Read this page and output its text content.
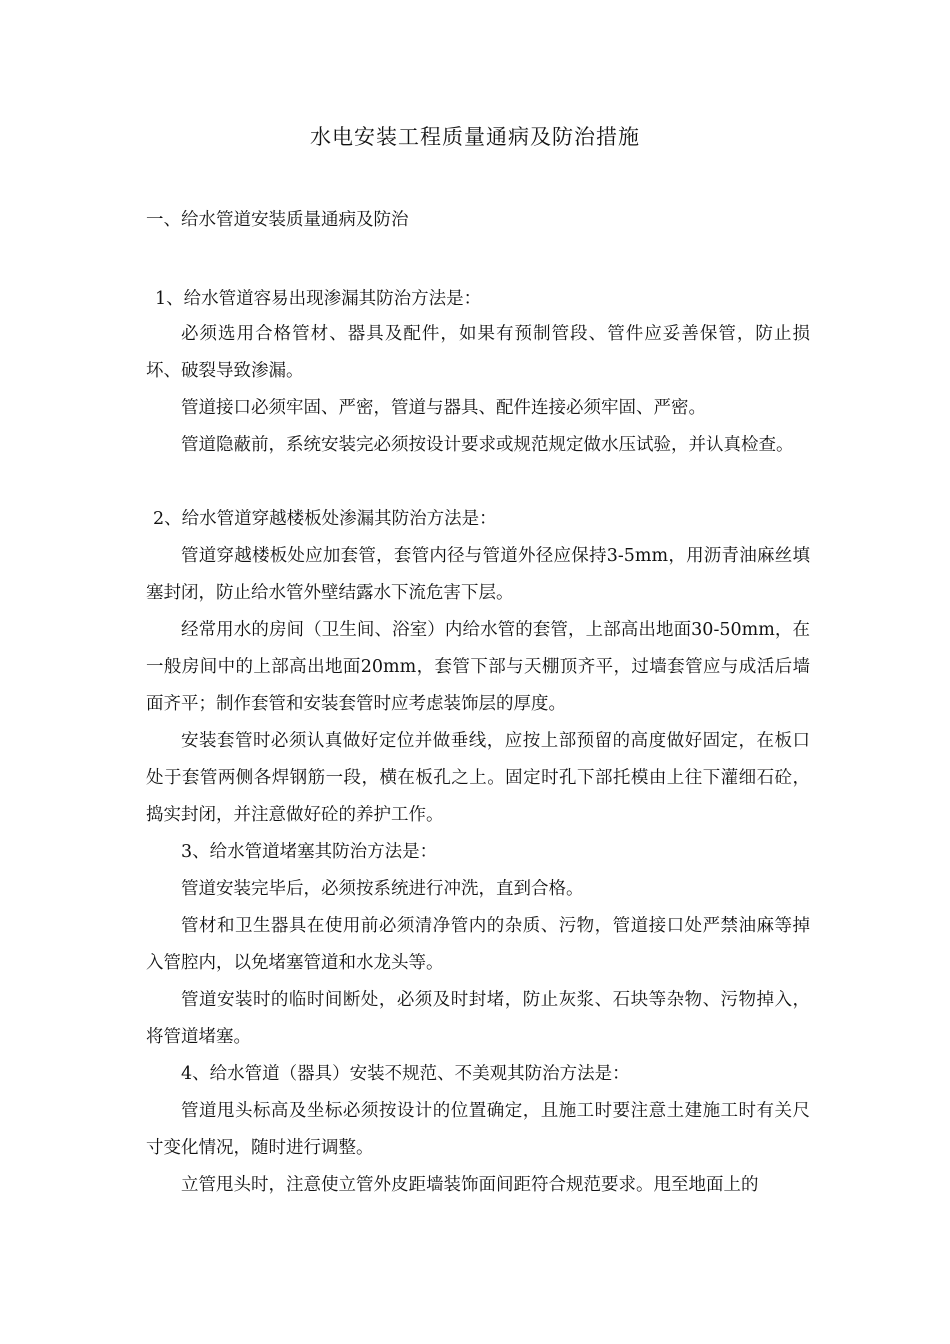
水电安装工程质量通病及防治措施
一、给水管道安装质量通病及防治
1、给水管道容易出现渗漏其防治方法是：
必须选用合格管材、器具及配件，如果有预制管段、管件应妥善保管，防止损坏、破裂导致渗漏。
管道接口必须牢固、严密，管道与器具、配件连接必须牢固、严密。
管道隐蔽前，系统安装完必须按设计要求或规范规定做水压试验，并认真检查。
2、给水管道穿越楼板处渗漏其防治方法是：
管道穿越楼板处应加套管，套管内径与管道外径应保持3-5mm，用沥青油麻丝填塞封闭，防止给水管外壁结露水下流危害下层。
经常用水的房间（卫生间、浴室）内给水管的套管，上部高出地面30-50mm，在一般房间中的上部高出地面20mm，套管下部与天棚顶齐平，过墙套管应与成活后墙面齐平；制作套管和安装套管时应考虑装饰层的厚度。
安装套管时必须认真做好定位并做垂线，应按上部预留的高度做好固定，在板口处于套管两侧各焊钢筋一段，横在板孔之上。固定时孔下部托模由上往下灌细石砼，捣实封闭，并注意做好砼的养护工作。
3、给水管道堵塞其防治方法是：
管道安装完毕后，必须按系统进行冲洗，直到合格。
管材和卫生器具在使用前必须清净管内的杂质、污物，管道接口处严禁油麻等掉入管腔内，以免堵塞管道和水龙头等。
管道安装时的临时间断处，必须及时封堵，防止灰浆、石块等杂物、污物掉入，将管道堵塞。
4、给水管道（器具）安装不规范、不美观其防治方法是：
管道甩头标高及坐标必须按设计的位置确定，且施工时要注意土建施工时有关尺寸变化情况，随时进行调整。
立管甩头时，注意使立管外皮距墙装饰面间距符合规范要求。甩至地面上的
